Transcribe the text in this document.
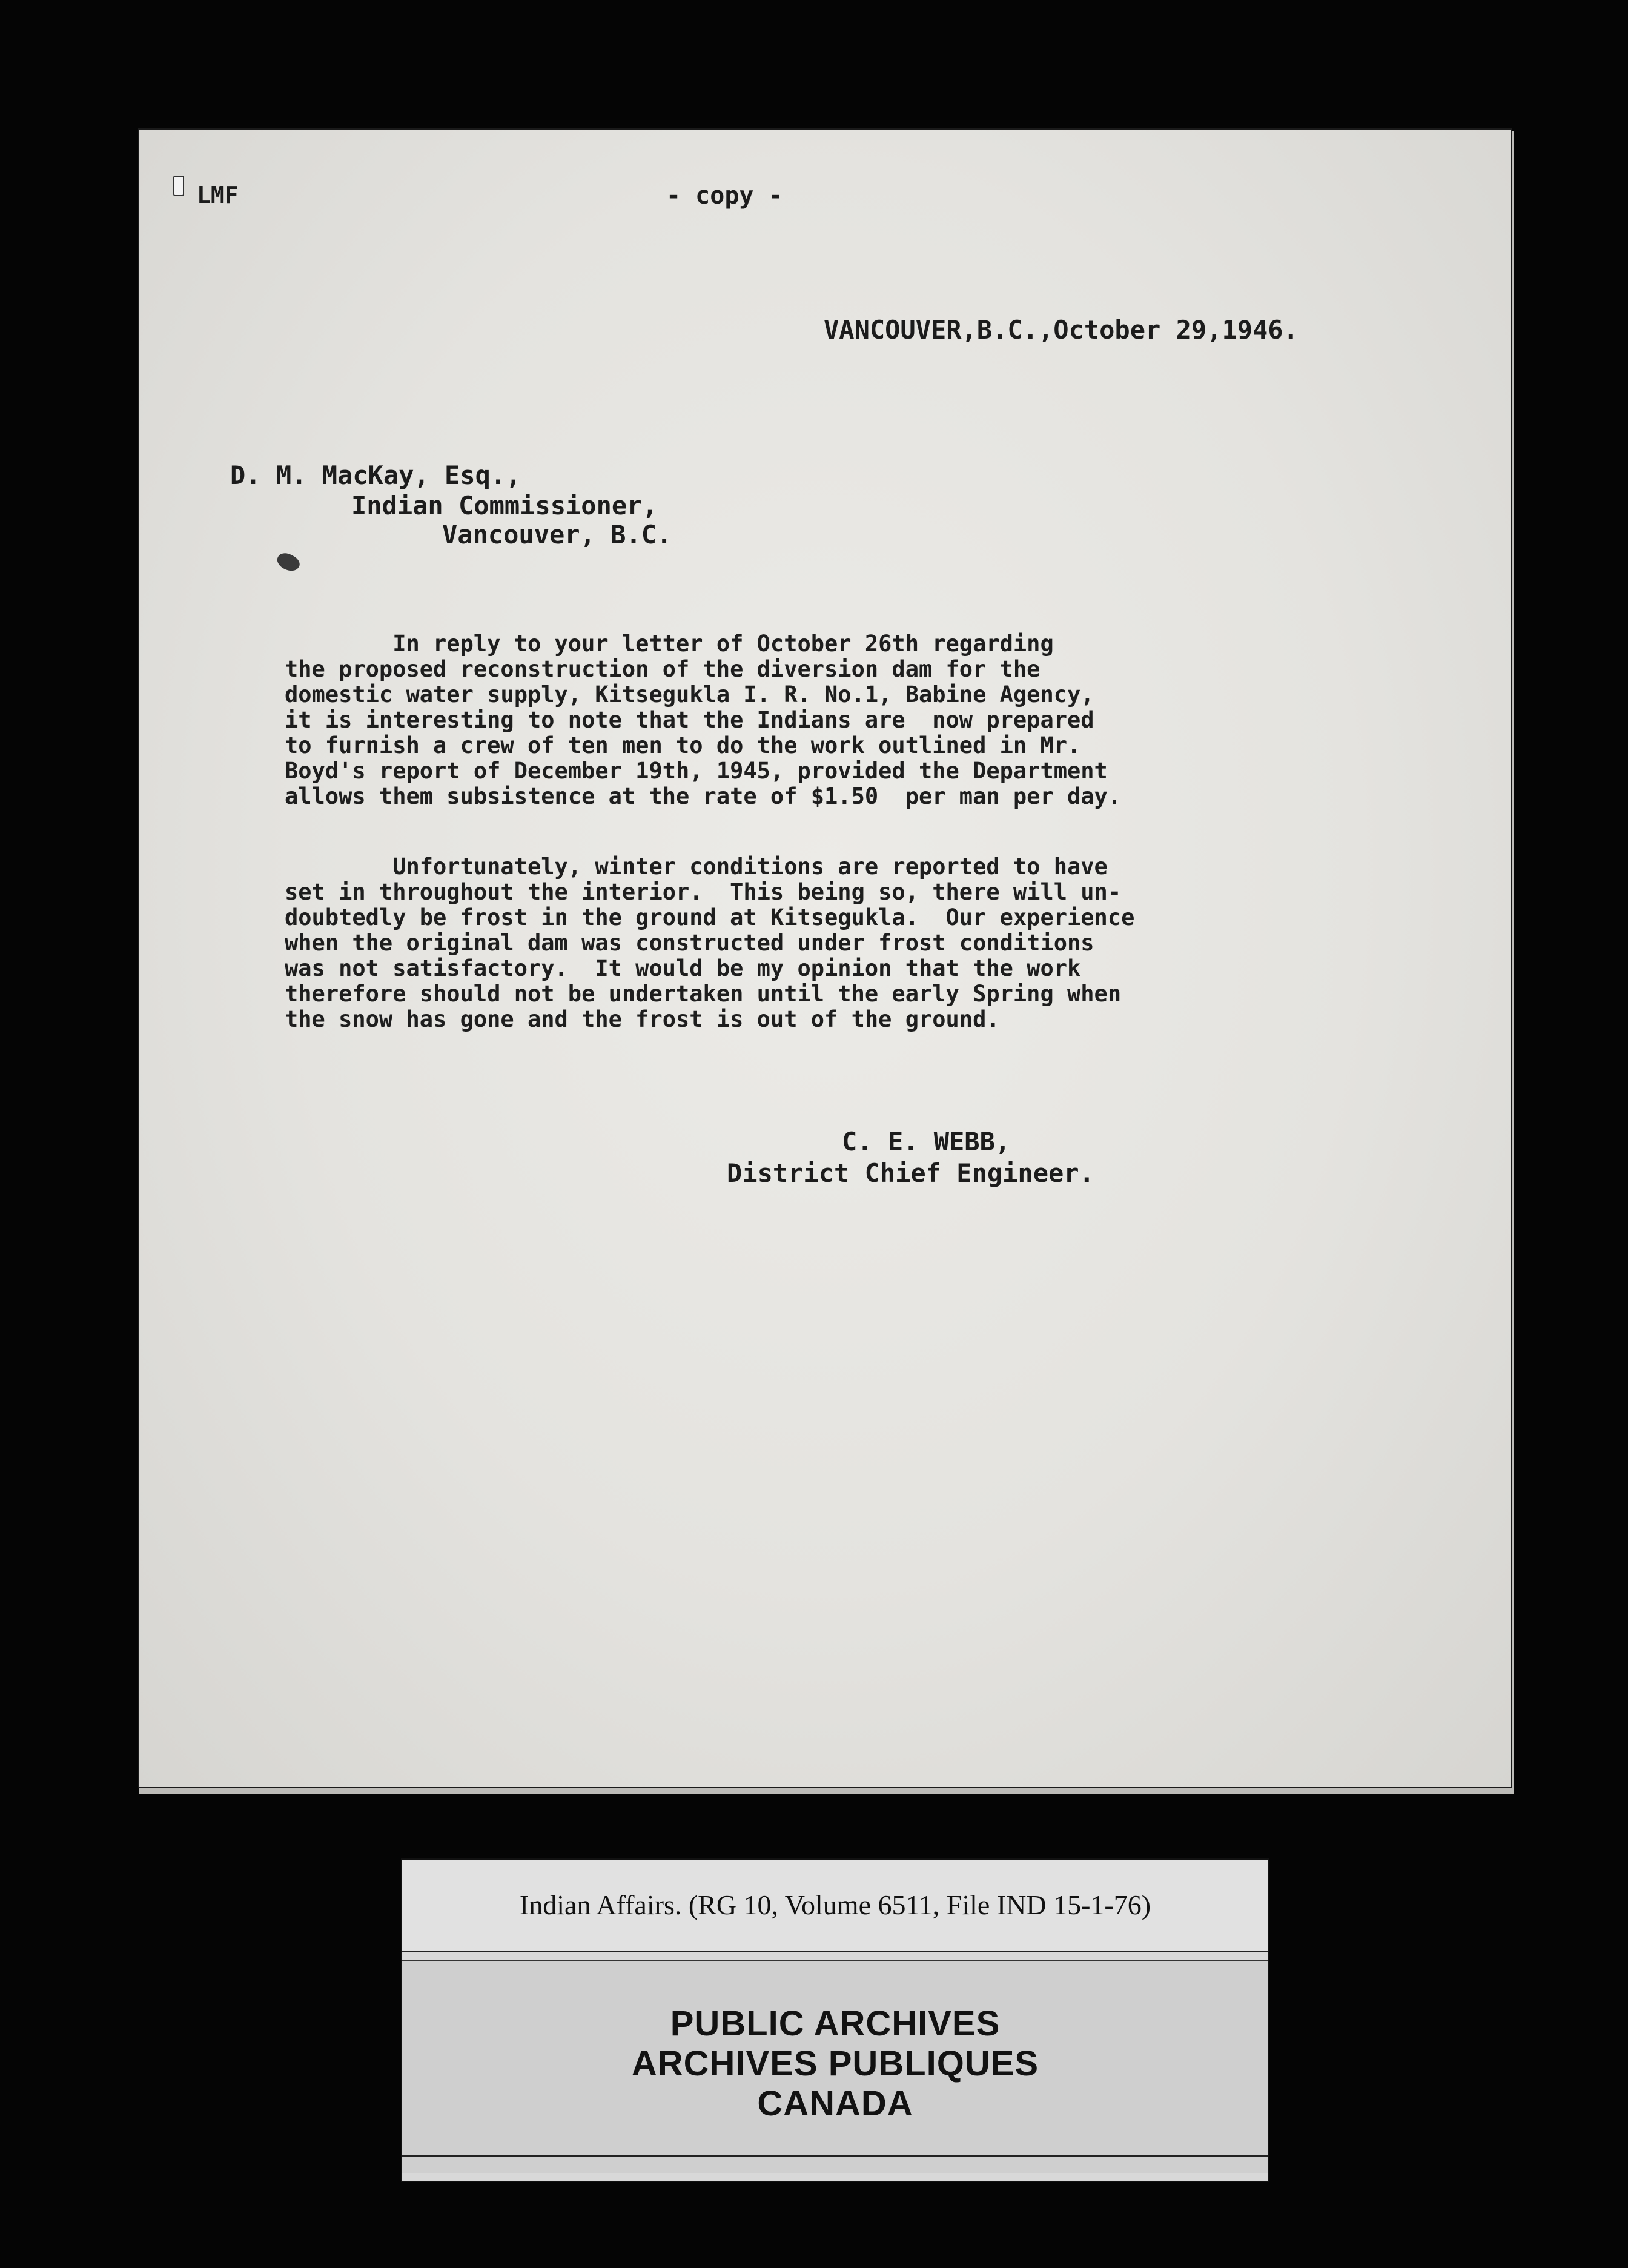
LMF	- copy -
VANCOUVER,B.C.,October 29,1946.
D. M. MacKay, Esq.,
Indian Commissioner,
Vancouver, B.C.

In reply to your letter of October 26th regarding
the proposed reconstruction of the diversion dam for the
domestic water supply, Kitsegukla I. R. No.1, Babine Agency,
it is interesting to note that the Indians are  now prepared
to furnish a crew of ten men to do the work outlined in Mr.
Boyd's report of December 19th, 1945, provided the Department
allows them subsistence at the rate of $1.50  per man per day.

Unfortunately, winter conditions are reported to have
set in throughout the interior.  This being so, there will un-
doubtedly be frost in the ground at Kitsegukla.  Our experience
when the original dam was constructed under frost conditions
was not satisfactory.  It would be my opinion that the work
therefore should not be undertaken until the early Spring when
the snow has gone and the frost is out of the ground.

C. E. WEBB,
District Chief Engineer.
Indian Affairs. (RG 10, Volume 6511, File IND 15-1-76)
PUBLIC ARCHIVES
ARCHIVES PUBLIQUES
CANADA
